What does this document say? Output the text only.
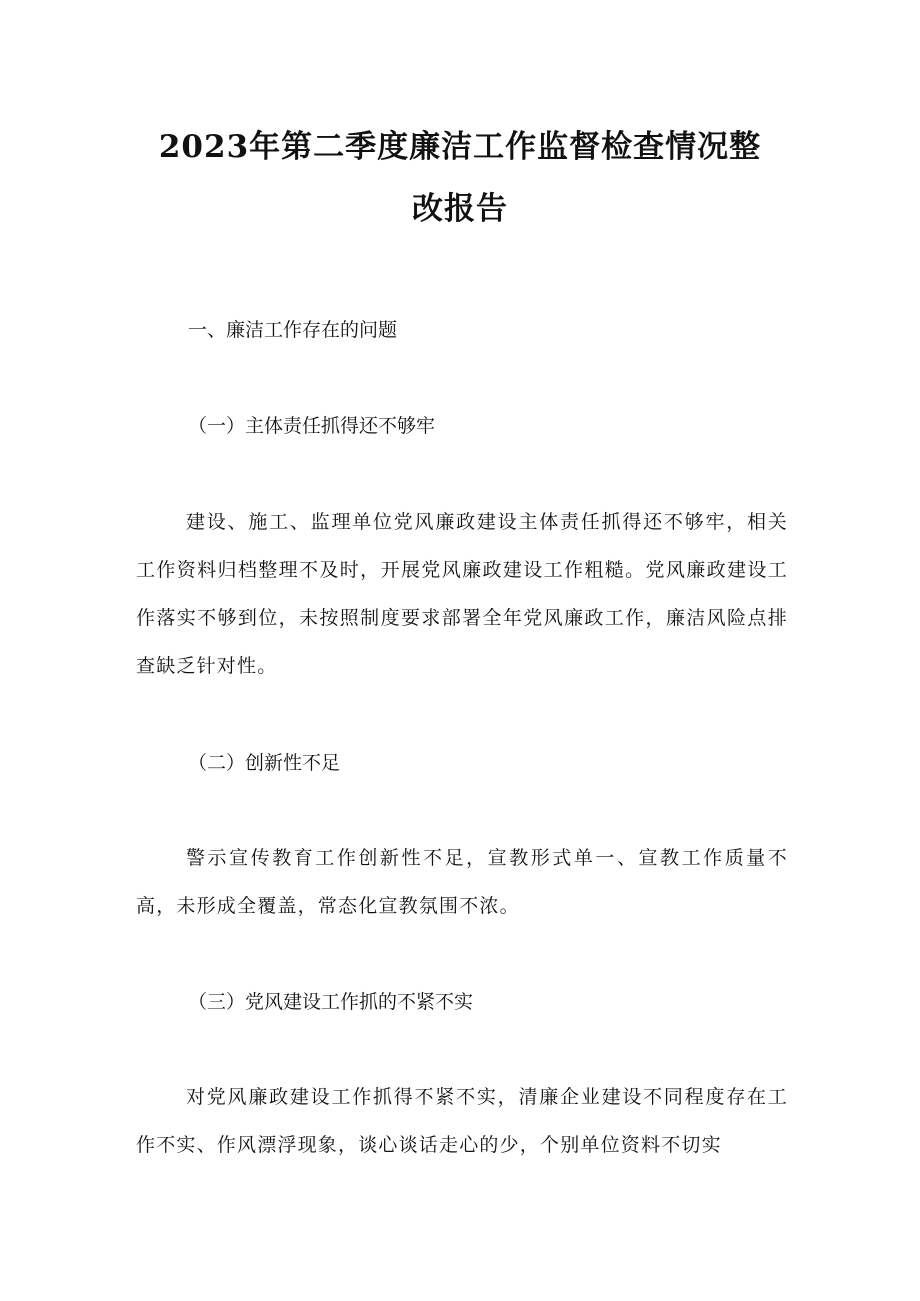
2023年第二季度廉洁工作监督检查情况整
改报告

一、廉洁工作存在的问题

（一）主体责任抓得还不够牢

建设、施工、监理单位党风廉政建设主体责任抓得还不够牢，相关工作资料归档整理不及时，开展党风廉政建设工作粗糙。党风廉政建设工作落实不够到位，未按照制度要求部署全年党风廉政工作，廉洁风险点排查缺乏针对性。

（二）创新性不足

警示宣传教育工作创新性不足，宣教形式单一、宣教工作质量不高，未形成全覆盖，常态化宣教氛围不浓。

（三）党风建设工作抓的不紧不实

对党风廉政建设工作抓得不紧不实，清廉企业建设不同程度存在工作不实、作风漂浮现象，谈心谈话走心的少，个别单位资料不切实
